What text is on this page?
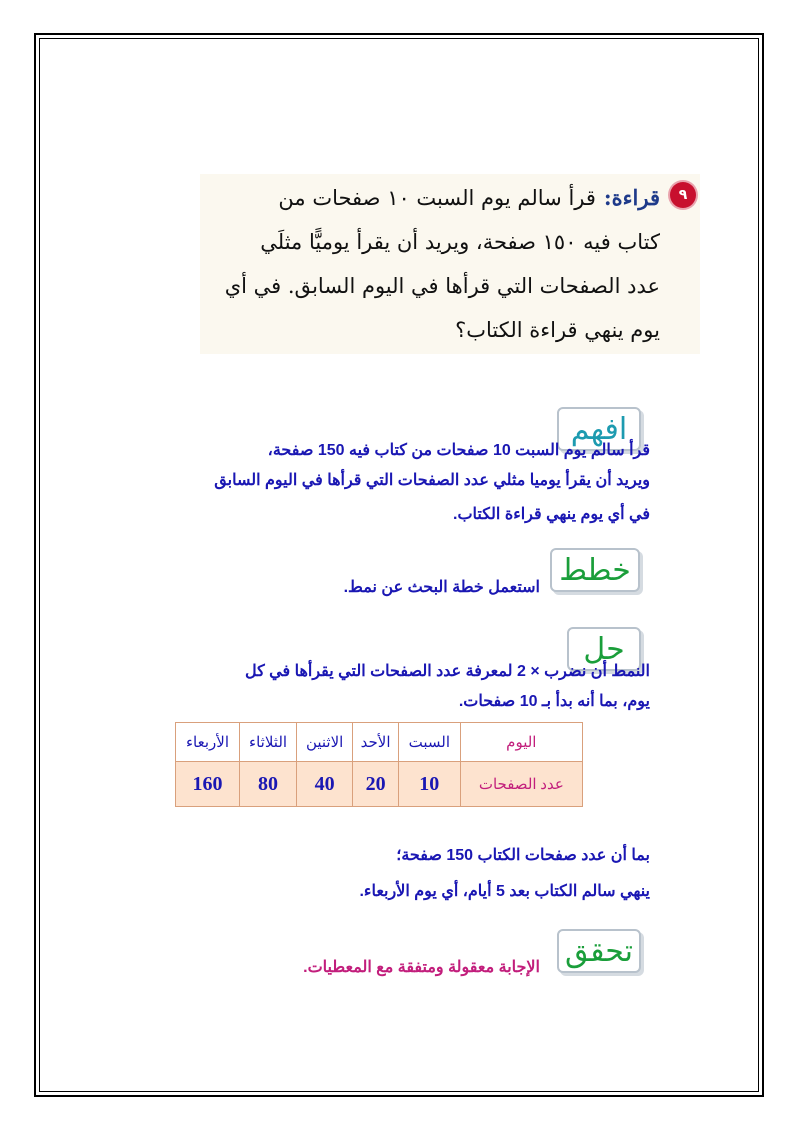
٩
قراءة:قرأ سالم يوم السبت ١٠ صفحات من
كتاب فيه ١٥٠ صفحة، ويريد أن يقرأ يوميًّا مثلَي
عدد الصفحات التي قرأها في اليوم السابق. في أي
يوم ينهي قراءة الكتاب؟
افهم
قرأ سالم يوم السبت 10 صفحات من كتاب فيه 150 صفحة،
ويريد أن يقرأ يوميا مثلي عدد الصفحات التي قرأها في اليوم السابق
في أي يوم ينهي قراءة الكتاب.
خطط
استعمل خطة البحث عن نمط.
حل
النمط أن نضرب × 2 لمعرفة عدد الصفحات التي يقرأها في كل
يوم، بما أنه بدأ بـ 10 صفحات.
اليوم	السبت	الأحد	الاثنين	الثلاثاء	الأربعاء
عدد الصفحات	10	20	40	80	160
بما أن عدد صفحات الكتاب 150 صفحة؛
ينهي سالم الكتاب بعد 5 أيام، أي يوم الأربعاء.
تحقق
الإجابة معقولة ومتفقة مع المعطيات.
